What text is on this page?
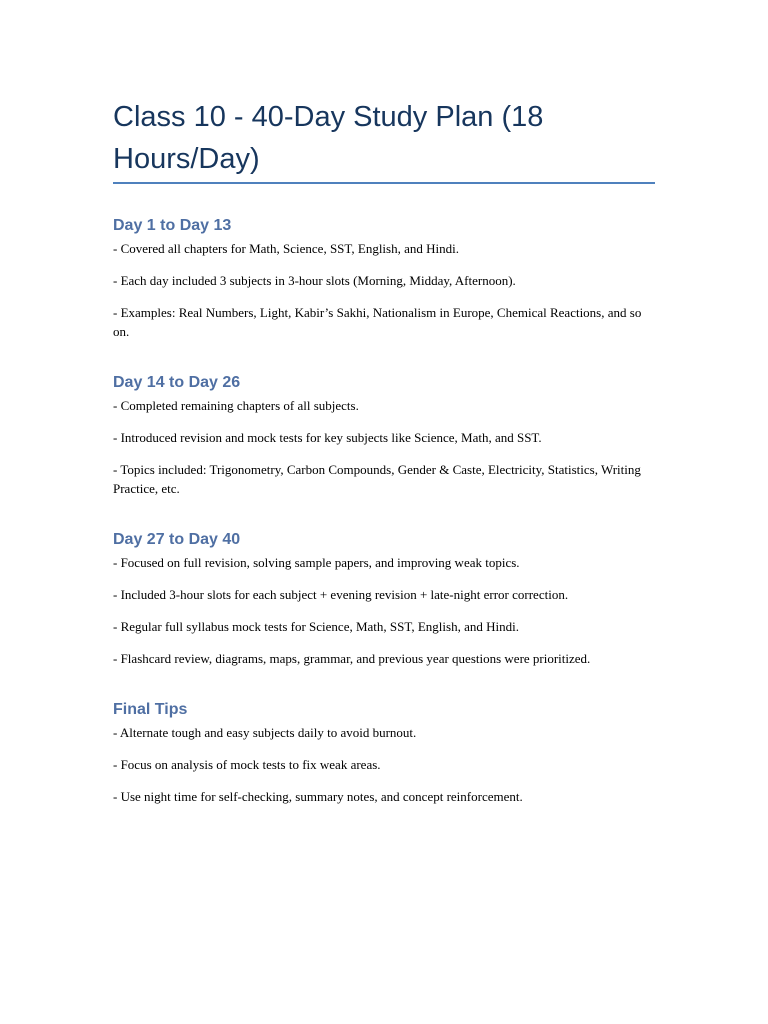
Class 10 - 40-Day Study Plan (18 Hours/Day)
Day 1 to Day 13

- Covered all chapters for Math, Science, SST, English, and Hindi.

- Each day included 3 subjects in 3-hour slots (Morning, Midday, Afternoon).

- Examples: Real Numbers, Light, Kabir’s Sakhi, Nationalism in Europe, Chemical Reactions, and so on.

Day 14 to Day 26

- Completed remaining chapters of all subjects.

- Introduced revision and mock tests for key subjects like Science, Math, and SST.

- Topics included: Trigonometry, Carbon Compounds, Gender & Caste, Electricity, Statistics, Writing Practice, etc.

Day 27 to Day 40

- Focused on full revision, solving sample papers, and improving weak topics.

- Included 3-hour slots for each subject + evening revision + late-night error correction.

- Regular full syllabus mock tests for Science, Math, SST, English, and Hindi.

- Flashcard review, diagrams, maps, grammar, and previous year questions were prioritized.

Final Tips

- Alternate tough and easy subjects daily to avoid burnout.

- Focus on analysis of mock tests to fix weak areas.

- Use night time for self-checking, summary notes, and concept reinforcement.
